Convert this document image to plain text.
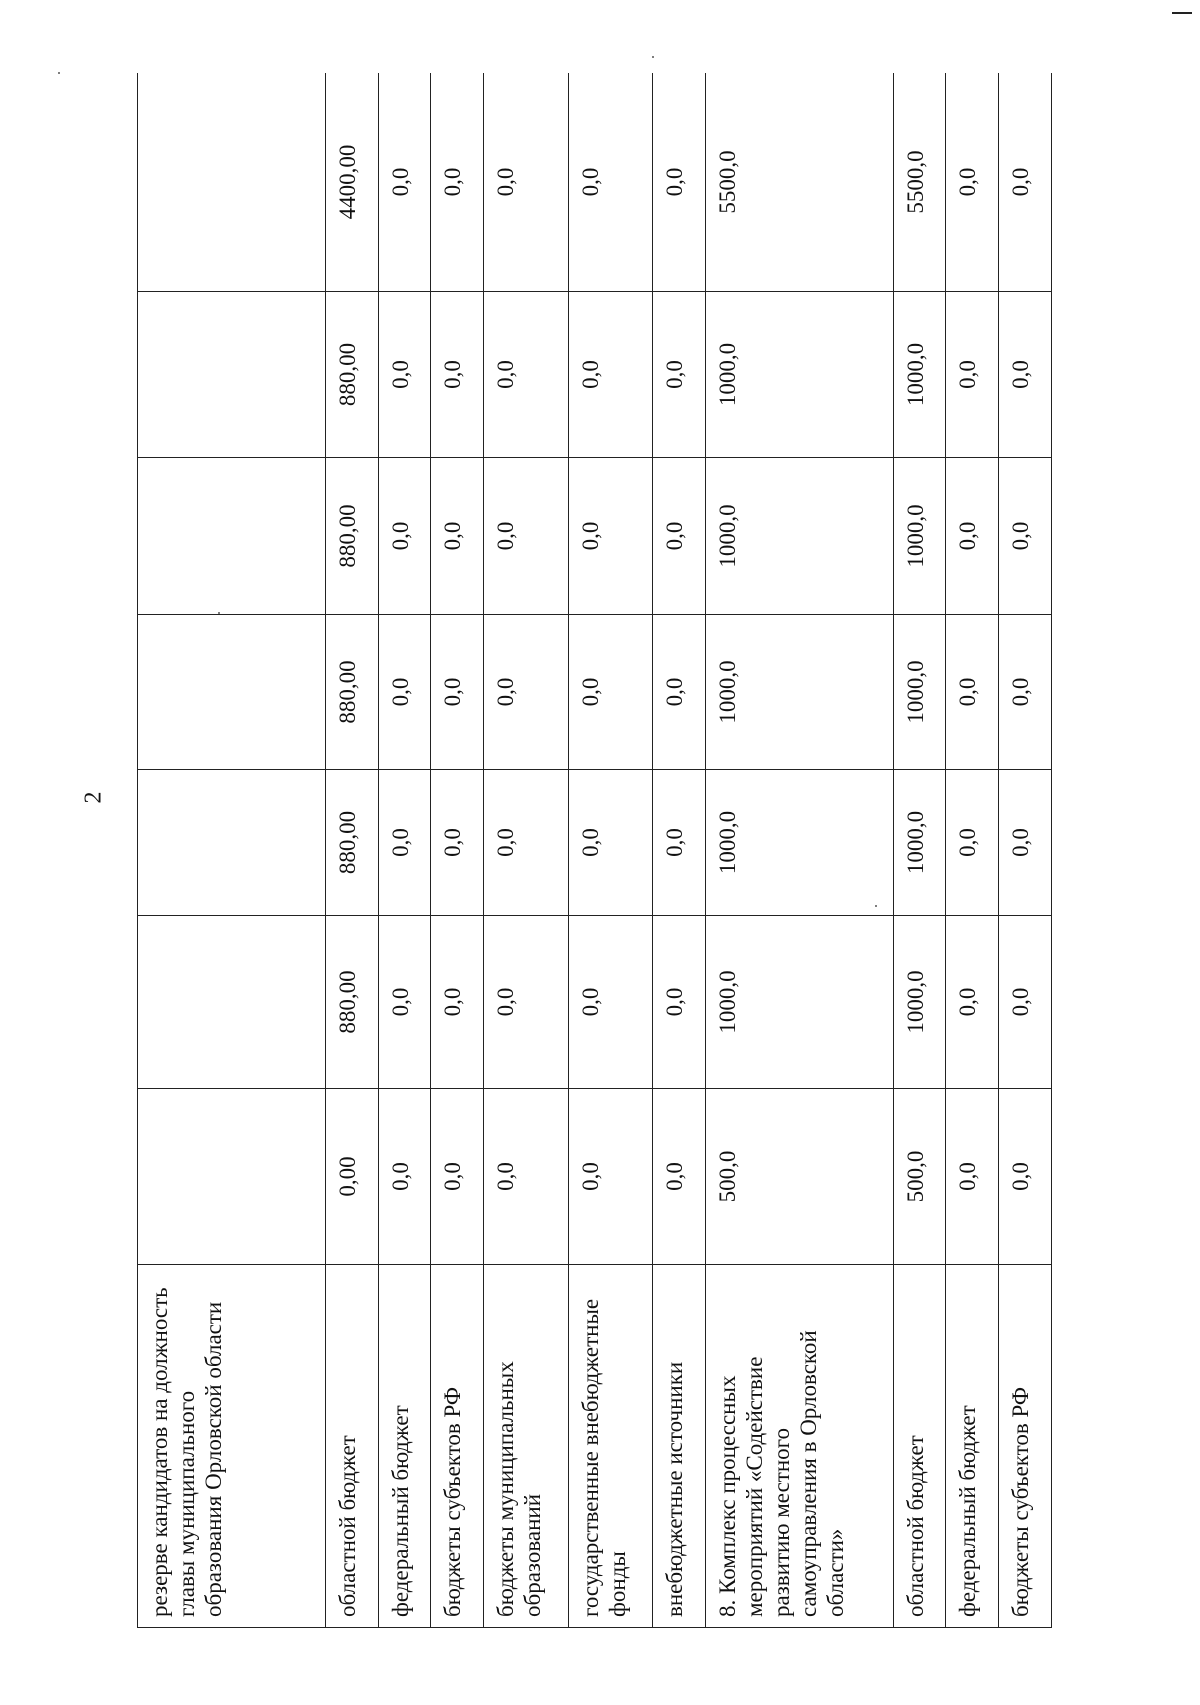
2
резерве кандидатов на должность главы муниципального образования Орловской области							
областной бюджет	0,00	880,00	880,00	880,00	880,00	880,00	4400,00
федеральный бюджет	0,0	0,0	0,0	0,0	0,0	0,0	0,0
бюджеты субъектов РФ	0,0	0,0	0,0	0,0	0,0	0,0	0,0
бюджеты муниципальных образований	0,0	0,0	0,0	0,0	0,0	0,0	0,0
государственные внебюджетные фонды	0,0	0,0	0,0	0,0	0,0	0,0	0,0
внебюджетные источники	0,0	0,0	0,0	0,0	0,0	0,0	0,0
8. Комплекс процессных мероприятий «Содействие развитию местного самоуправления в Орловской области»	500,0	1000,0	1000,0	1000,0	1000,0	1000,0	5500,0
областной бюджет	500,0	1000,0	1000,0	1000,0	1000,0	1000,0	5500,0
федеральный бюджет	0,0	0,0	0,0	0,0	0,0	0,0	0,0
бюджеты субъектов РФ	0,0	0,0	0,0	0,0	0,0	0,0	0,0
